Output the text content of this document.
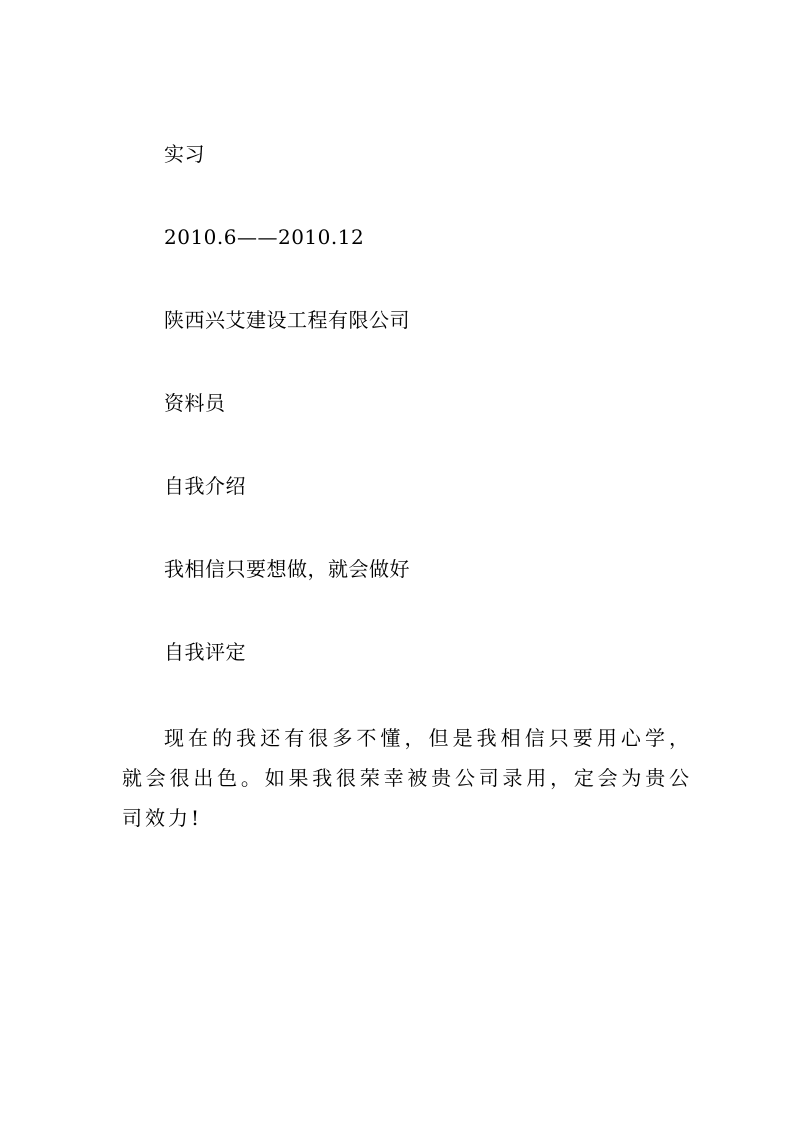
实习
2010.6——2010.12
陕西兴艾建设工程有限公司
资料员
自我介绍
我相信只要想做，就会做好
自我评定
现在的我还有很多不懂，但是我相信只要用心学，就会很出色。如果我很荣幸被贵公司录用，定会为贵公司效力!
